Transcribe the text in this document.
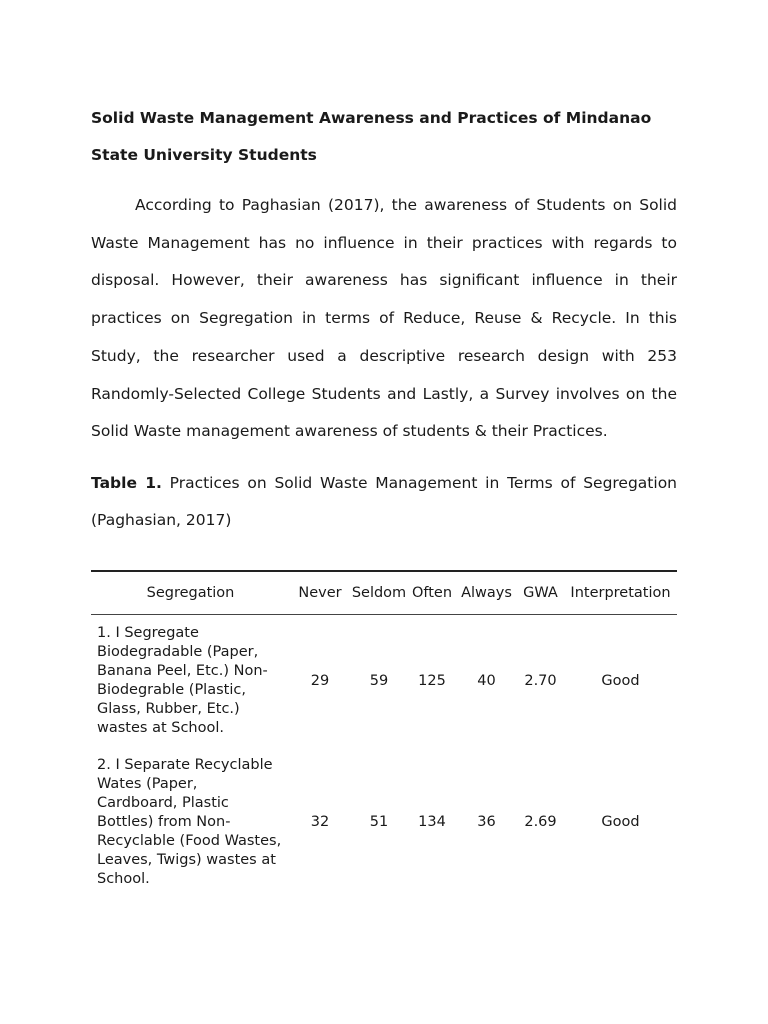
Solid Waste Management Awareness and Practices of Mindanao State University Students

According to Paghasian (2017), the awareness of Students on Solid Waste Management has no influence in their practices with regards to disposal. However, their awareness has significant influence in their practices on Segregation in terms of Reduce, Reuse & Recycle. In this Study, the researcher used a descriptive research design with 253 Randomly-Selected College Students and Lastly, a Survey involves on the Solid Waste management awareness of students & their Practices.

Table 1. Practices on Solid Waste Management in Terms of Segregation (Paghasian, 2017)

Segregation	Never	Seldom	Often	Always	GWA	Interpretation
1. I Segregate Biodegradable (Paper, Banana Peel, Etc.) Non-Biodegrable (Plastic, Glass, Rubber, Etc.) wastes at School.	29	59	125	40	2.70	Good
2. I Separate Recyclable Wates (Paper, Cardboard, Plastic Bottles) from Non-Recyclable (Food Wastes, Leaves, Twigs) wastes at School.	32	51	134	36	2.69	Good
